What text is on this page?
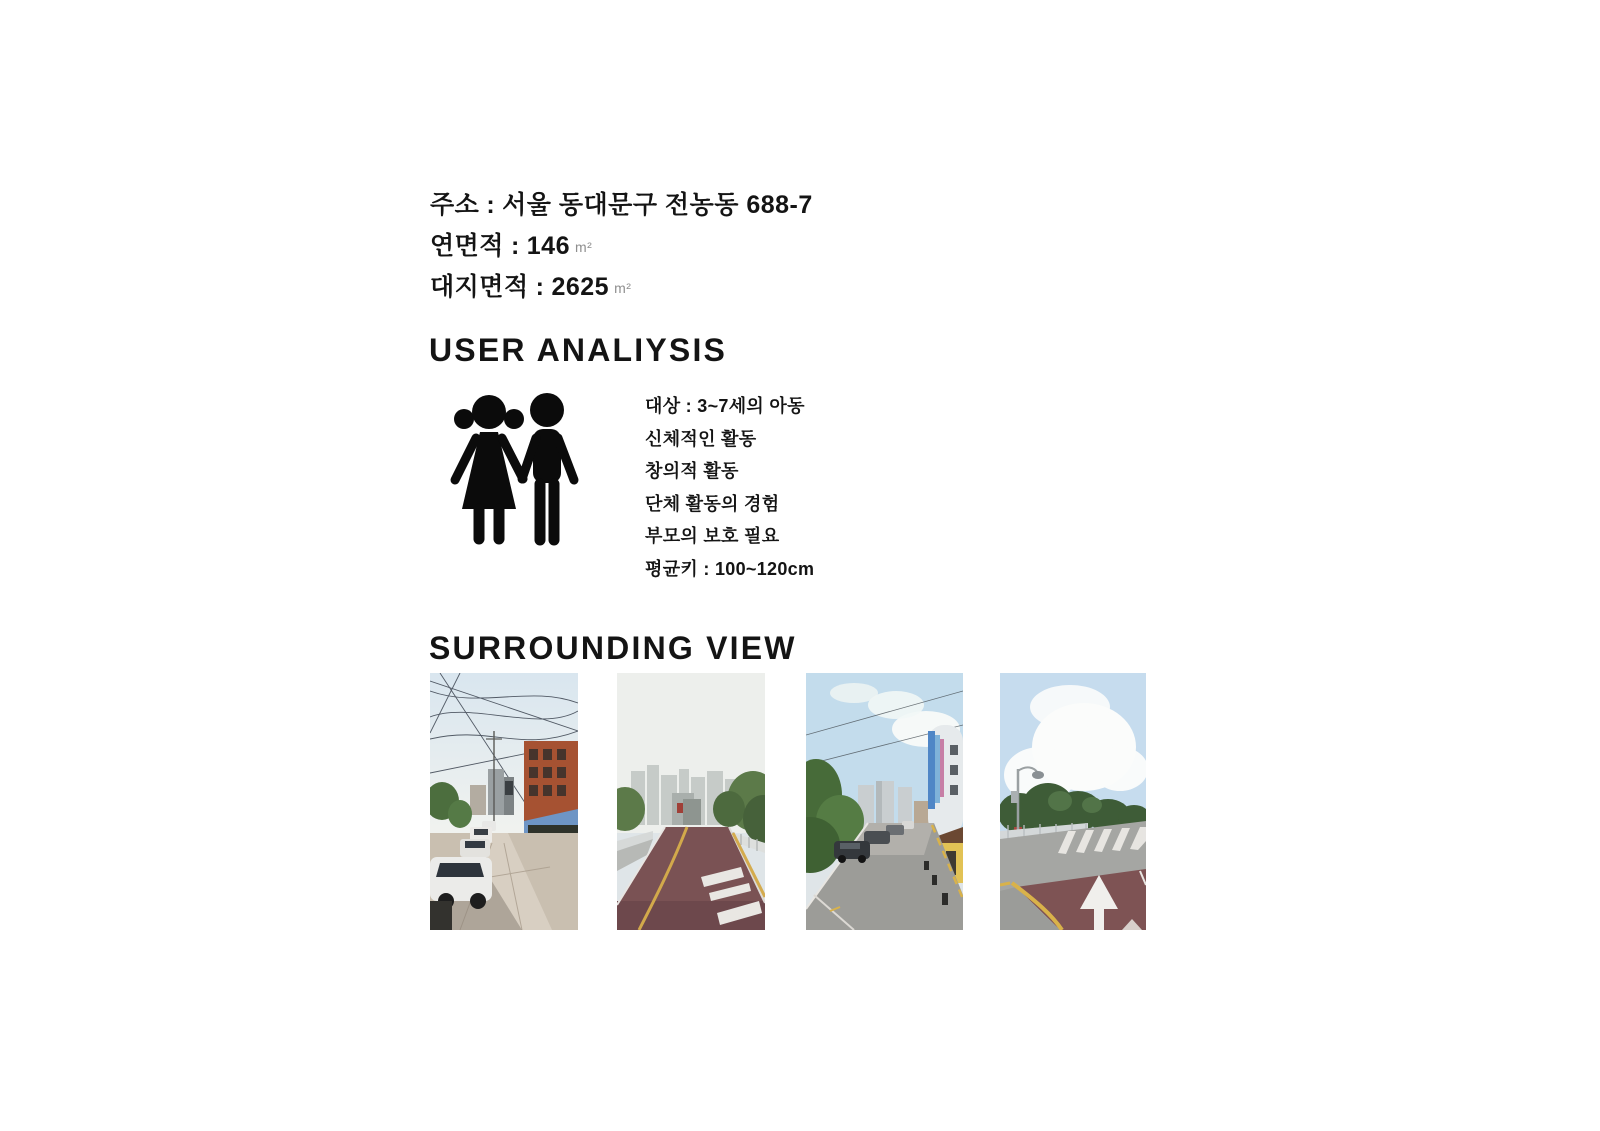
주소 : 서울 동대문구 전농동 688-7
연면적 : 146 m²
대지면적 : 2625 m²
USER ANALIYSIS
대상 : 3~7세의 아동
신체적인 활동
창의적 활동
단체 활동의 경험
부모의 보호 필요
평균키 : 100~120cm
SURROUNDING VIEW
